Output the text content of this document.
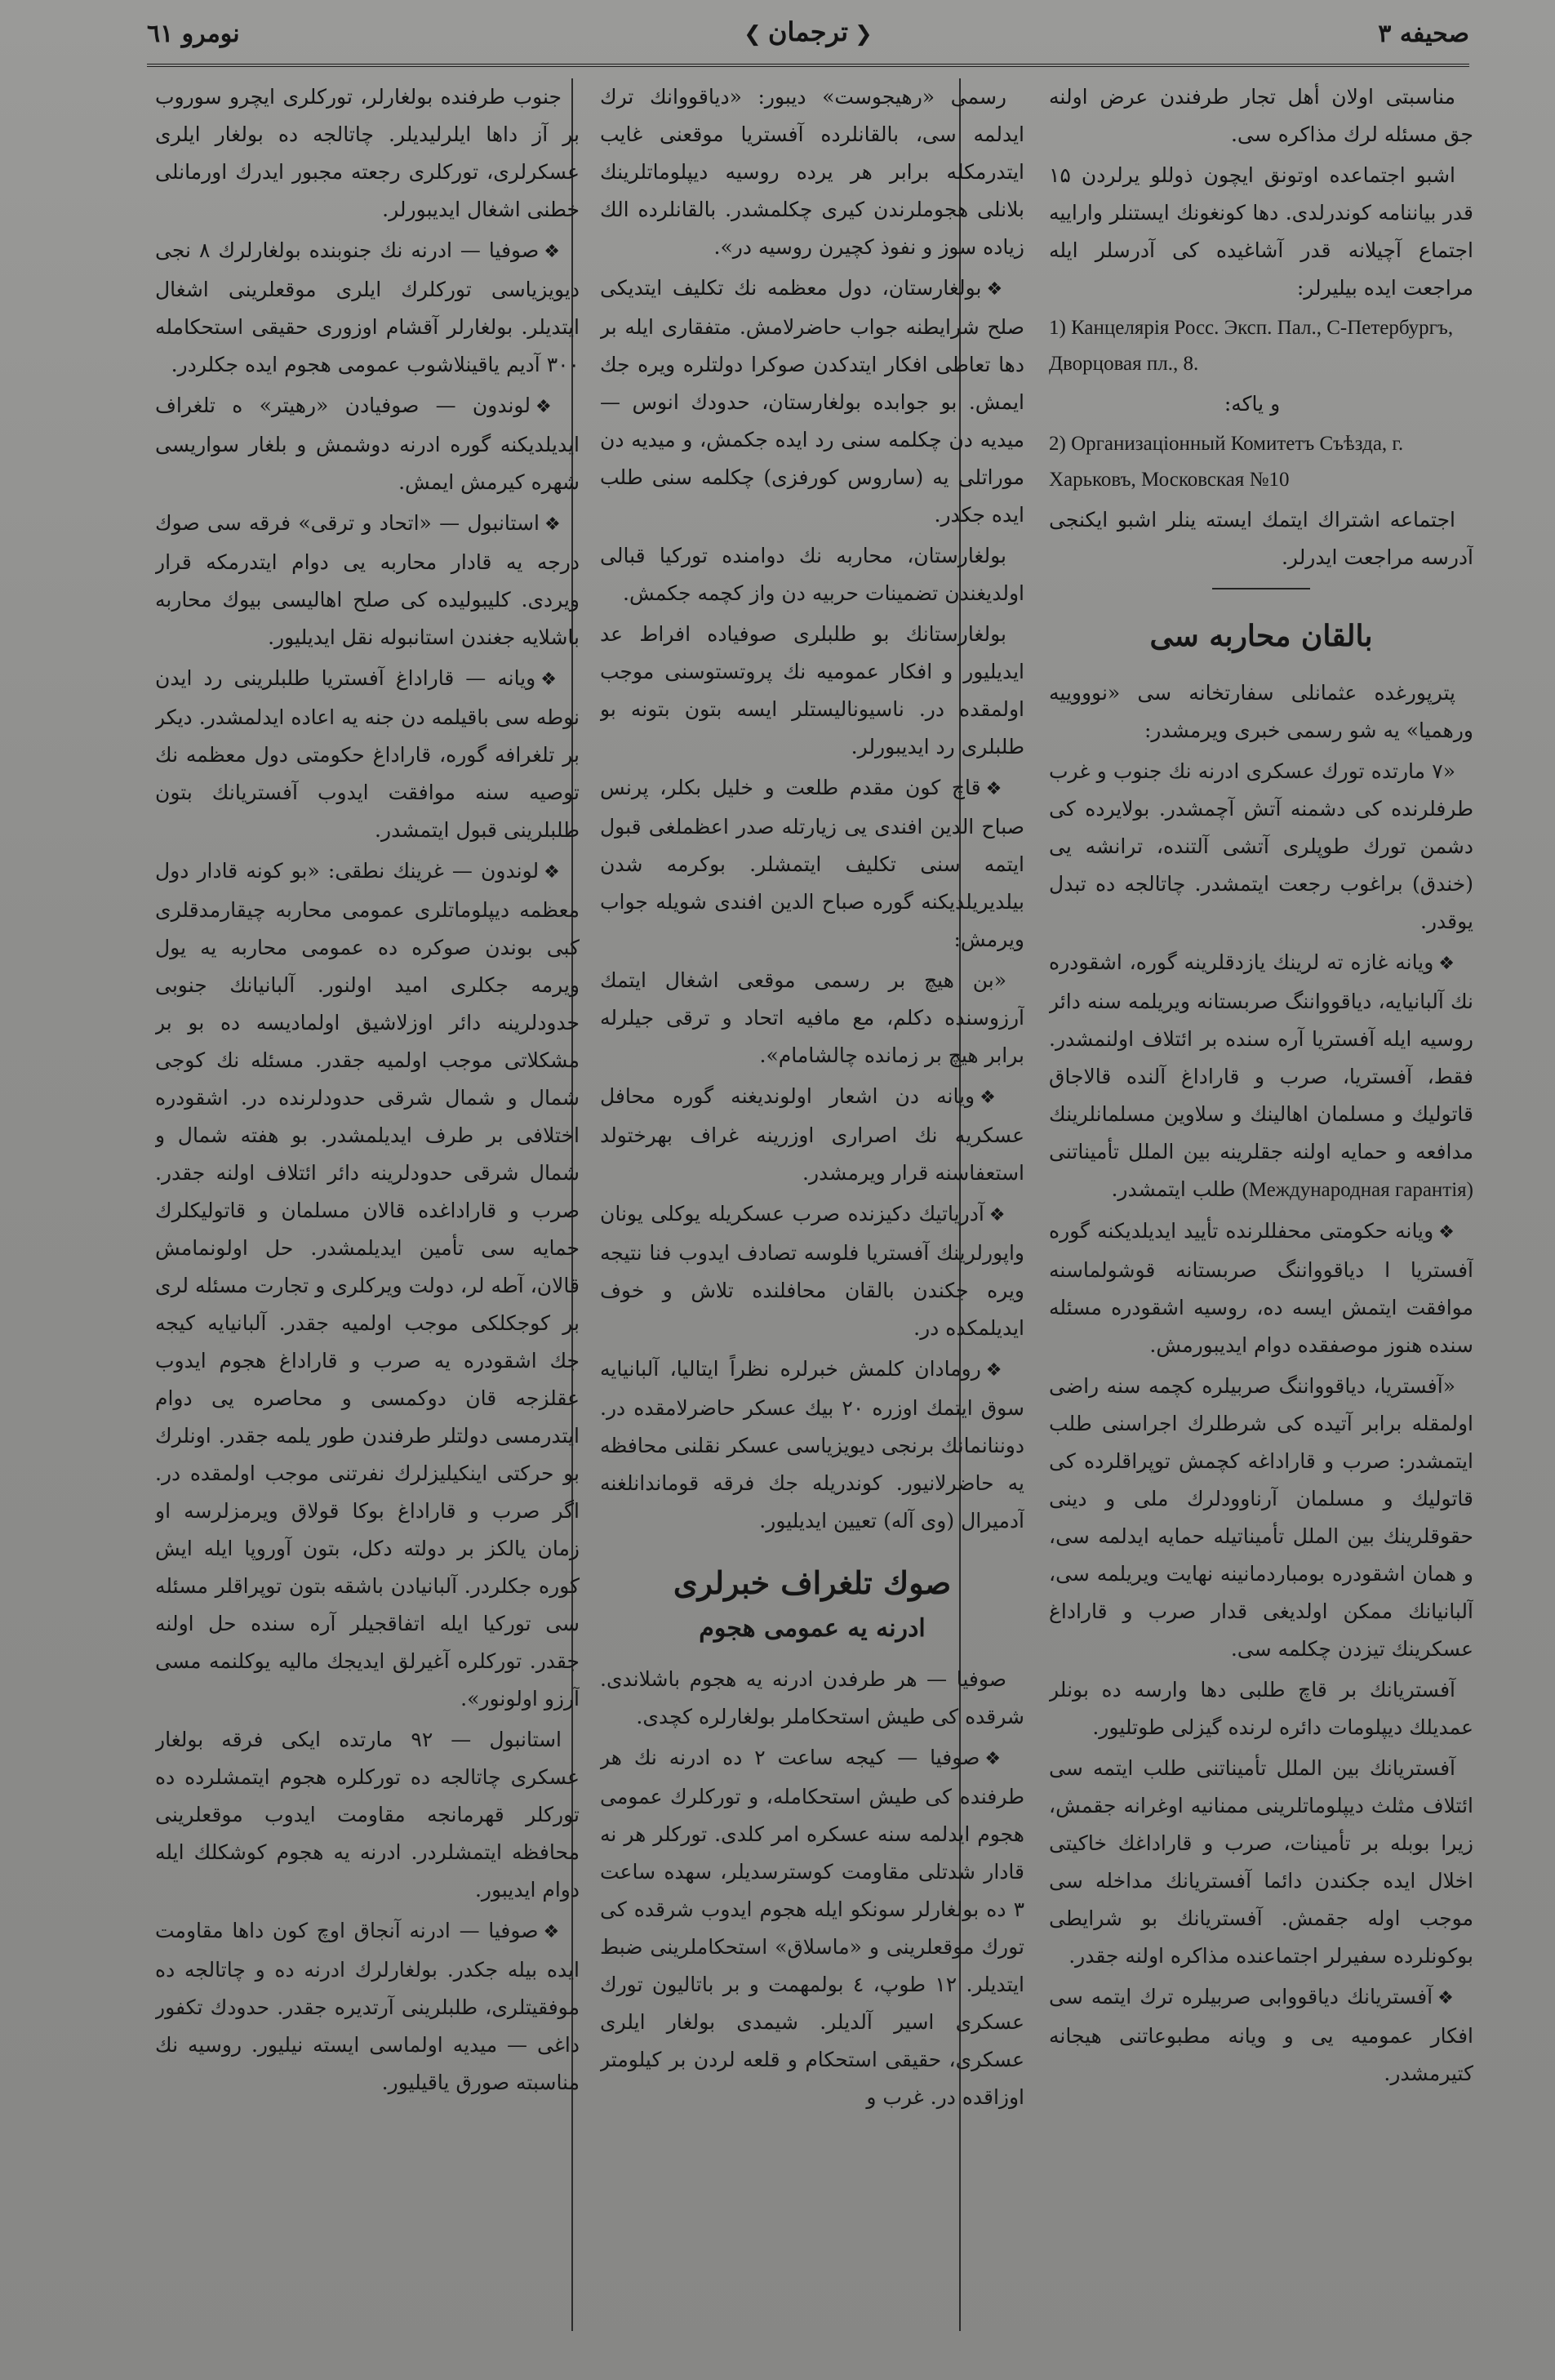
صحیفه ۳
❮ترجمان❯
نومرو ٦١

مناسبتی اولان أهل تجار طرفندن عرض اولنه جق مسئله لرك مذاكره سی.

اشبو اجتماعده اوتونق ایچون ذوللو یرلردن ۱۵ قدر بیاننامه کوندرلدی. دها کونغونك ایستنلر واراییه اجتماع آچیلانه قدر آشاغیده کی آدرسلر ایله مراجعت ایده بیلیرلر:

1) Канцелярія Росс. Эксп. Пал., С-Петербургъ, Дворцовая пл., 8.

و یاکه:

2) Организаціонный Комитетъ Съѣзда, г. Харьковъ, Московская №10

اجتماعه اشتراك ایتمك ایسته ینلر اشبو ایکنجی آدرسه مراجعت ایدرلر.

بالقان محاربه سی

پترپورغده عثمانلی سفارتخانه سی «نوووییه ورهمیا» یه شو رسمی خبری ویرمشدر:

«۷ مارتده تورك عسكری ادرنه نك جنوب و غرب طرفلرنده كی دشمنه آتش آچمشدر. بولایرده کی دشمن تورك طوپلری آتشی آلتنده، ترانشه یی (خندق) براغوب رجعت ایتمشدر. چاتالجه ده تبدل یوقدر.

❖ویانه غازه ته لرینك یازدقلرینه گوره، اشقودره نك آلبانیایه، دیاقوواننگ صربستانه ویریلمه سنه دائر روسیه ایله آفستریا آره سنده بر ائتلاف اولنمشدر. فقط، آفستریا، صرب و قاراداغ آلنده قالاجاق قاتولیك و مسلمان اهالینك و سلاوین مسلمانلرینك مدافعه و حمایه اولنه جقلرینه بین الملل تأمیناتنی (Международная гарантія) طلب ایتمشدر.

❖ویانه حکومتی محفللرنده تأیید ایدیلدیکنه گوره آفستریا ا دیاقوواننگ صربستانه قوشولماسنه موافقت ایتمش ایسه ده، روسیه اشقودره مسئله سنده هنوز موصفقده دوام ایدیبورمش.

«آفستریا، دیاقوواننگ صربیلره کچمه سنه راضی اولمقله برابر آتیده کی شرطلرك اجراسنی طلب ایتمشدر: صرب و قاراداغه کچمش توپراقلرده کی قاتولیك و مسلمان آرناوودلرك ملی و دینی حقوقلرینك بین الملل تأمیناتیله حمایه ایدلمه سی، و همان اشقودره بومباردمانینه نهایت ویریلمه سی، آلبانیانك ممکن اولدیغی قدار صرب و قاراداغ عسكرینك تیزدن چکلمه سی.

آفستریانك بر قاچ طلبی دها وارسه ده بونلر عمدیلك دیپلومات دائره لرنده گیزلی طوتلیور.

آفستریانك بین الملل تأمیناتنی طلب ایتمه سی ائتلاف مثلث دیپلوماتلرینی ممنانیه اوغرانه جقمش، زیرا بوبله بر تأمینات، صرب و قاراداغك خاکیتی اخلال ایده جکندن دائما آفستریانك مداخله سی موجب اوله جقمش. آفستریانك بو شرایطی بوکونلرده سفیرلر اجتماعنده مذاکره اولنه جقدر.

❖آفستریانك دیاقووابی صربیلره ترك ایتمه سی افكار عمومیه یی و ویانه مطبوعاتنی هیجانه کتیرمشدر.

رسمی «رهیجوست» دیبور: «دیاقووانك ترك ایدلمه سی، بالقانلرده آفستریا موقعنی غایب ایتدرمکله برابر هر یرده روسیه دیپلوماتلرینك بلانلی هجوملرندن کیری چکلمشدر. بالقانلرده الك زیاده سوز و نفوذ کچیرن روسیه در».

❖بولغارستان، دول معظمه نك تكلیف ایتدیکی صلح شرایطنه جواب حاضرلامش. متفقاری ایله بر دها تعاطی افكار ایتدکدن صوکرا دولتلره ویره جك ایمش. بو جوابده بولغارستان، حدودك انوس — میدیه دن چکلمه سنی رد ایده جکمش، و میدیه دن موراتلی یه (ساروس کورفزی) چکلمه سنی طلب ایده جکدر.

بولغارستان، محاربه نك دوامنده تورکیا قبالی اولدیغندن تضمینات حربیه دن واز کچمه جکمش.

بولغارستانك بو طلبلری صوفیاده افراط عد ایدیلیور و افكار عمومیه نك پروتستوسنی موجب اولمقده در. ناسیونالیستلر ایسه بتون بتونه بو طلبلری رد ایدیبورلر.

❖قاچ کون مقدم طلعت و خلیل بکلر، پرنس صباح الدین افندی یی زیارتله صدر اعظملغی قبول ایتمه سنی تكلیف ایتمشلر. بوکرمه شدن بیلدیریلدیکنه گوره صباح الدین افندی شویله جواب ویرمش:

«بن هیچ بر رسمی موقعی اشغال ایتمك آرزوسنده دکلم، مع مافیه اتحاد و ترقی جیلرله برابر هیچ بر زمانده چالشامام».

❖ویانه دن اشعار اولوندیغنه گوره محافل عسكریه نك اصراری اوزرینه غراف بهرختولد استعفاسنه قرار ویرمشدر.

❖آدریاتیك دکیزنده صرب عسكریله یوکلی یونان واپورلرینك آفستریا فلوسه تصادف ایدوب فنا نتیجه ویره جکندن بالقان محافلنده تلاش و خوف ایدیلمکده در.

❖رومادان کلمش خبرلره نظراً ایتالیا، آلبانیایه سوق ایتمك اوزره ۲۰ بیك عسكر حاضرلامقده در. دوننانمانك برنجی دیویزیاسی عسكر نقلنی محافظه یه حاضرلانیور. کوندریله جك فرقه قوماندانلغنه آدمیرال (وی آله) تعیین ایدیلیور.

صوك تلغراف خبرلری
ادرنه یه عمومی هجوم

صوفیا — هر طرفدن ادرنه یه هجوم باشلاندی. شرقده کی طیش استحکاملر بولغارلره کچدی.

❖صوفیا — کیجه ساعت ۲ ده ادرنه نك هر طرفنده کی طیش استحکامله، و تورکلرك عمومی هجوم ایدلمه سنه عسكره امر کلدی. تورکلر هر نه قادار شدتلی مقاومت کوسترسدیلر، سهده ساعت ۳ ده بولغارلر سونکو ایله هجوم ایدوب شرقده کی تورك موقعلرینی و «ماسلاق» استحکاملرینی ضبط ایتدیلر. ۱۲ طوپ، ٤ بولمهمت و بر باتالیون تورك عسكری اسیر آلدیلر. شیمدی بولغار ایلری عسكری، حقیقی استحكام و قلعه لردن بر کیلومتر اوزاقده در. غرب و

جنوب طرفنده بولغارلر، تورکلری ایچرو سوروب بر آز داها ایلرلیدیلر. چاتالجه ده بولغار ایلری عسكرلری، تورکلری رجعته مجبور ایدرك اورمانلی خطنی اشغال ایدیبورلر.

❖صوفیا — ادرنه نك جنوبنده بولغارلرك ۸ نجی دیویزیاسی تورکلرك ایلری موقعلرینی اشغال ایتدیلر. بولغارلر آقشام اوزوری حقیقی استحکامله ۳۰۰ آدیم یاقینلاشوب عمومی هجوم ایده جکلردر.

❖لوندون — صوفیادن «رهیتر» ه تلغراف ایدیلدیکنه گوره ادرنه دوشمش و بلغار سواریسی شهره کیرمش ایمش.

❖استانبول — «اتحاد و ترقی» فرقه سی صوك درجه یه قادار محاربه یی دوام ایتدرمکه قرار ویردی. کلیبولیده کی صلح اهالیسی بیوك محاربه باشلایه جغندن استانبوله نقل ایدیلیور.

❖ویانه — قاراداغ آفستریا طلبلرینی رد ایدن نوطه سی باقیلمه دن جنه یه اعاده ایدلمشدر. دیکر بر تلغرافه گوره، قاراداغ حکومتی دول معظمه نك توصیه سنه موافقت ایدوب آفستریانك بتون طلبلرینی قبول ایتمشدر.

❖لوندون — غرینك نطقی: «بو کونه قادار دول معظمه دیپلوماتلری عمومی محاربه چیقارمدقلری کبی بوندن صوکره ده عمومی محاربه یه یول ویرمه جکلری امید اولنور. آلبانیانك جنوبی حدودلرینه دائر اوزلاشیق اولمادیسه ده بو بر مشکلاتی موجب اولمیه جقدر. مسئله نك کوجی شمال و شمال شرقی حدودلرنده در. اشقودره اختلافی بر طرف ایدیلمشدر. بو هفته شمال و شمال شرقی حدودلرینه دائر ائتلاف اولنه جقدر. صرب و قاراداغده قالان مسلمان و قاتولیكلرك حمایه سی تأمین ایدیلمشدر. حل اولونمامش قالان، آطه لر، دولت ویرکلری و تجارت مسئله لری بر کوجکلکی موجب اولمیه جقدر. آلبانیایه کیجه جك اشقودره یه صرب و قاراداغ هجوم ایدوب عقلزجه قان دوکمسی و محاصره یی دوام ایتدرمسی دولتلر طرفندن طور یلمه جقدر. اونلرك بو حرکتی اینکیلیزلرك نفرتنی موجب اولمقده در. اگر صرب و قاراداغ بوکا قولاق ویرمزلرسه او زمان یالکز بر دولته دکل، بتون آوروپا ایله ایش کوره جکلردر. آلبانیادن باشقه بتون توپراقلر مسئله سی تورکیا ایله اتفاقجیلر آره سنده حل اولنه جقدر. تورکلره آغیرلق ایدیجك مالیه یوکلنمه مسی آرزو اولونور».

استانبول — ۹۲ مارتده ایکی فرقه بولغار عسكری چاتالجه ده تورکلره هجوم ایتمشلرده ده تورکلر قهرمانجه مقاومت ایدوب موقعلرینی محافظه ایتمشلردر. ادرنه یه هجوم کوشکلك ایله دوام ایدیبور.

❖صوفیا — ادرنه آنجاق اوچ کون داها مقاومت ایده بیله جکدر. بولغارلرك ادرنه ده و چاتالجه ده موفقیتلری، طلبلرینی آرتدیره جقدر. حدودك تکفور داغی — میدیه اولماسی ایسته نیلیور. روسیه نك مناسبته صورق یاقیلیور.
